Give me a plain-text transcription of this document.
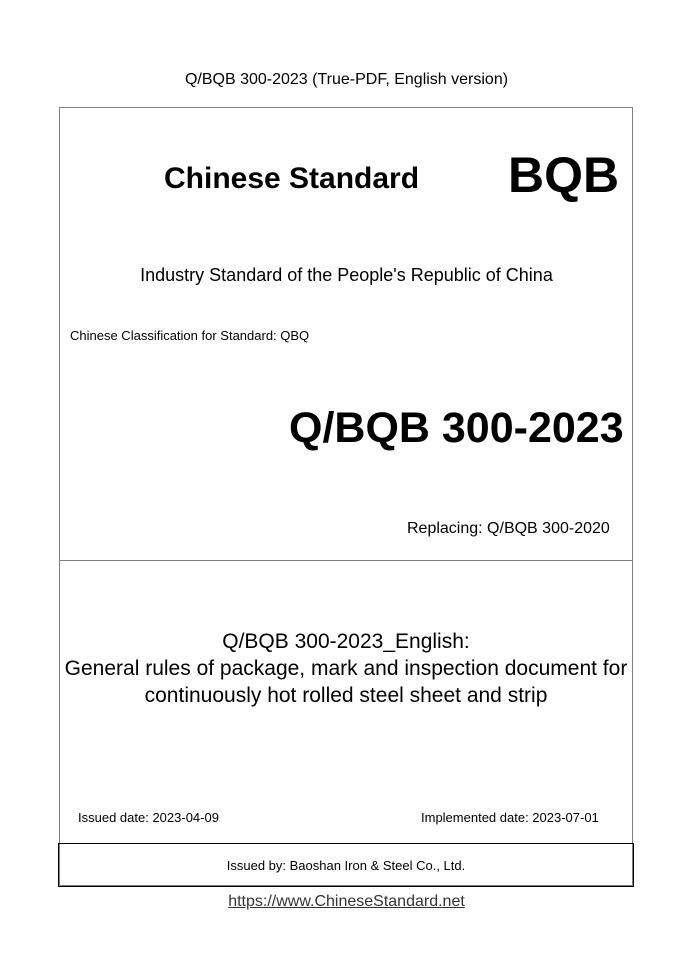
Q/BQB 300-2023 (True-PDF, English version)
Chinese Standard BQB
Industry Standard of the People's Republic of China
Chinese Classification for Standard: QBQ
Q/BQB 300-2023
Replacing: Q/BQB 300-2020
Q/BQB 300-2023_English:
General rules of package, mark and inspection document for
continuously hot rolled steel sheet and strip
Issued date: 2023-04-09	Implemented date: 2023-07-01
Issued by: Baoshan Iron & Steel Co., Ltd.
https://www.ChineseStandard.net
